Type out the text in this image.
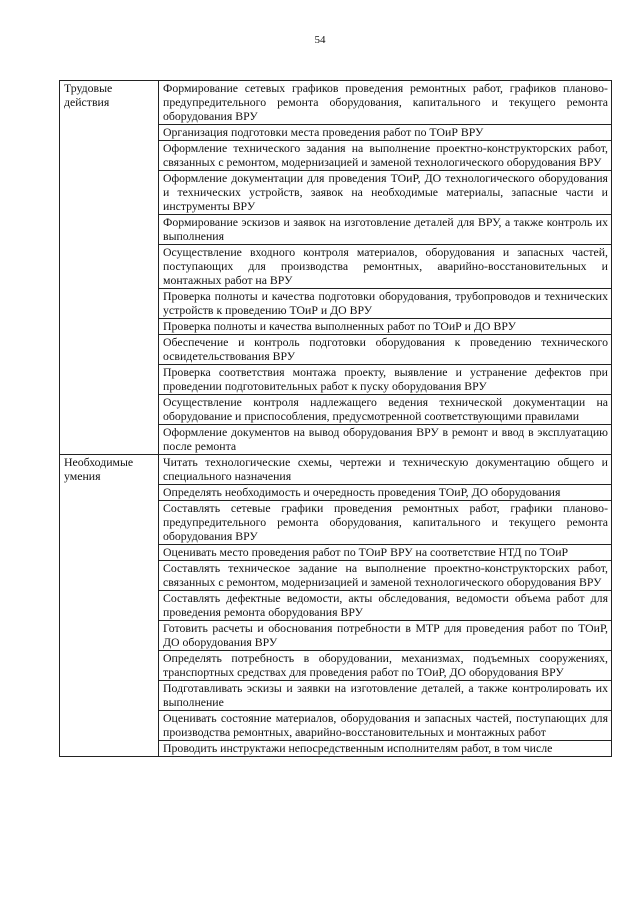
54
Трудовые действия	Формирование сетевых графиков проведения ремонтных работ, графиков планово-предупредительного ремонта оборудования, капитального и текущего ремонта оборудования ВРУ
	Организация подготовки места проведения работ по ТОиР ВРУ
	Оформление технического задания на выполнение проектно-конструкторских работ, связанных с ремонтом, модернизацией и заменой технологического оборудования ВРУ
	Оформление документации для проведения ТОиР, ДО технологического оборудования и технических устройств, заявок на необходимые материалы, запасные части и инструменты ВРУ
	Формирование эскизов и заявок на изготовление деталей для ВРУ, а также контроль их выполнения
	Осуществление входного контроля материалов, оборудования и запасных частей, поступающих для производства ремонтных, аварийно-восстановительных и монтажных работ на ВРУ
	Проверка полноты и качества подготовки оборудования, трубопроводов и технических устройств к проведению ТОиР и ДО ВРУ
	Проверка полноты и качества выполненных работ по ТОиР и ДО ВРУ
	Обеспечение и контроль подготовки оборудования к проведению технического освидетельствования ВРУ
	Проверка соответствия монтажа проекту, выявление и устранение дефектов при проведении подготовительных работ к пуску оборудования ВРУ
	Осуществление контроля надлежащего ведения технической документации на оборудование и приспособления, предусмотренной соответствующими правилами
	Оформление документов на вывод оборудования ВРУ в ремонт и ввод в эксплуатацию после ремонта
Необходимые умения	Читать технологические схемы, чертежи и техническую документацию общего и специального назначения
	Определять необходимость и очередность проведения ТОиР, ДО оборудования
	Составлять сетевые графики проведения ремонтных работ, графики планово-предупредительного ремонта оборудования, капитального и текущего ремонта оборудования ВРУ
	Оценивать место проведения работ по ТОиР ВРУ на соответствие НТД по ТОиР
	Составлять техническое задание на выполнение проектно-конструкторских работ, связанных с ремонтом, модернизацией и заменой технологического оборудования ВРУ
	Составлять дефектные ведомости, акты обследования, ведомости объема работ для проведения ремонта оборудования ВРУ
	Готовить расчеты и обоснования потребности в МТР для проведения работ по ТОиР, ДО оборудования ВРУ
	Определять потребность в оборудовании, механизмах, подъемных сооружениях, транспортных средствах для проведения работ по ТОиР, ДО оборудования ВРУ
	Подготавливать эскизы и заявки на изготовление деталей, а также контролировать их выполнение
	Оценивать состояние материалов, оборудования и запасных частей, поступающих для производства ремонтных, аварийно-восстановительных и монтажных работ
	Проводить инструктажи непосредственным исполнителям работ, в том числе
